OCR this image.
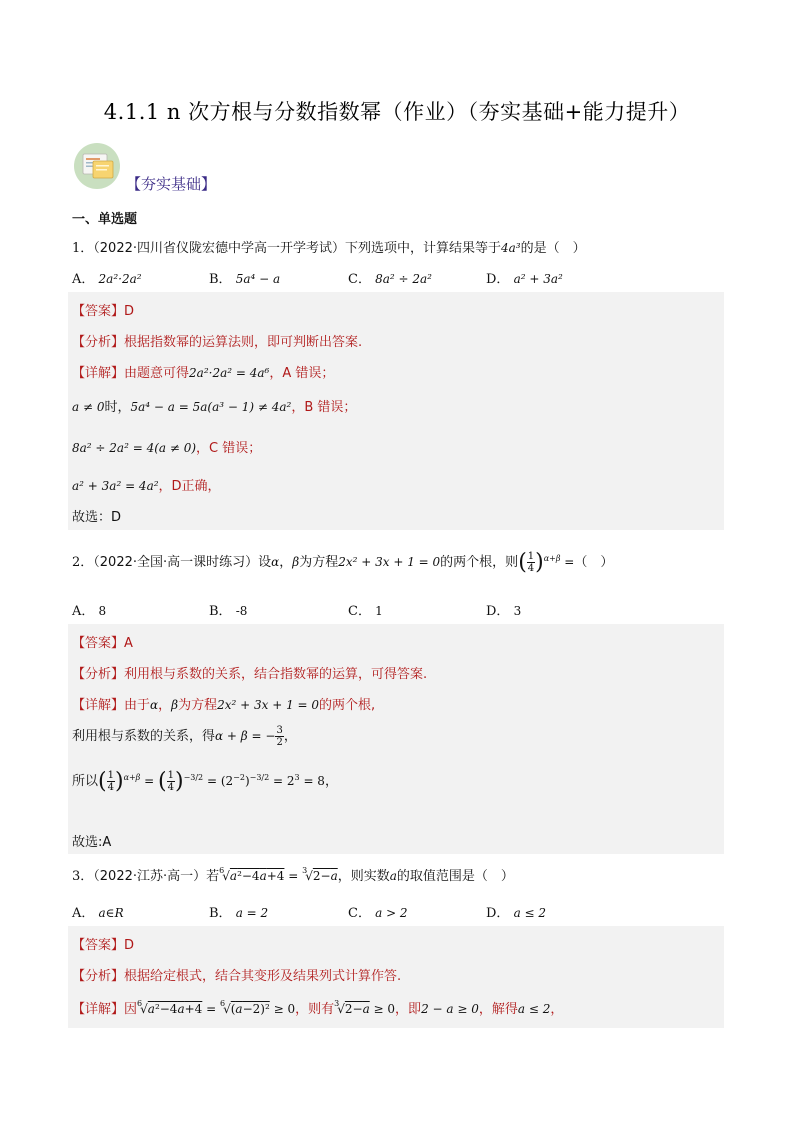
4.1.1 n 次方根与分数指数幂（作业）（夯实基础+能力提升）
【夯实基础】
一、单选题
1．（2022·四川省仪陇宏德中学高一开学考试）下列选项中，计算结果等于4a³的是（　）
A． 2a²·2a²	B． 5a⁴ − a	C． 8a² ÷ 2a²	D． a² + 3a²
【答案】D
【分析】根据指数幂的运算法则，即可判断出答案.
【详解】由题意可得2a²·2a² = 4a⁶，A 错误；
a ≠ 0时，5a⁴ − a = 5a(a³ − 1) ≠ 4a²，B 错误；
8a² ÷ 2a² = 4(a ≠ 0)，C 错误；
a² + 3a² = 4a²，D正确，
故选：D
2．（2022·全国·高一课时练习）设α，β为方程2x² + 3x + 1 = 0的两个根，则( $\frac{1}{4} )^{\alpha+\beta}$ =（　）
A． 8	B． -8	C． 1	D． 3
【答案】A
【分析】利用根与系数的关系，结合指数幂的运算，可得答案.
【详解】由于α，β为方程2x² + 3x + 1 = 0的两个根,
利用根与系数的关系，得α + β = − $\frac{3}{2}$ ，
所以( $\frac{1}{4} )^{\alpha+\beta}$ = ( $\frac{1}{4} )^{-3/2} = (2^{-2})^{-3/2} = 2^3 = 8$，
故选:A
3．（2022·江苏·高一）若$^6$√a²−4a+4 = $^3$√2−a，则实数a的取值范围是（　）
A． a∈R	B． a = 2	C． a > 2	D． a ≤ 2
【答案】D
【分析】根据给定根式，结合其变形及结果列式计算作答.
【详解】因$^6$√a²−4a+4 = $^6$√(a−2)² ≥ 0，则有$^3$√2−a ≥ 0，即2 − a ≥ 0，解得a ≤ 2，
